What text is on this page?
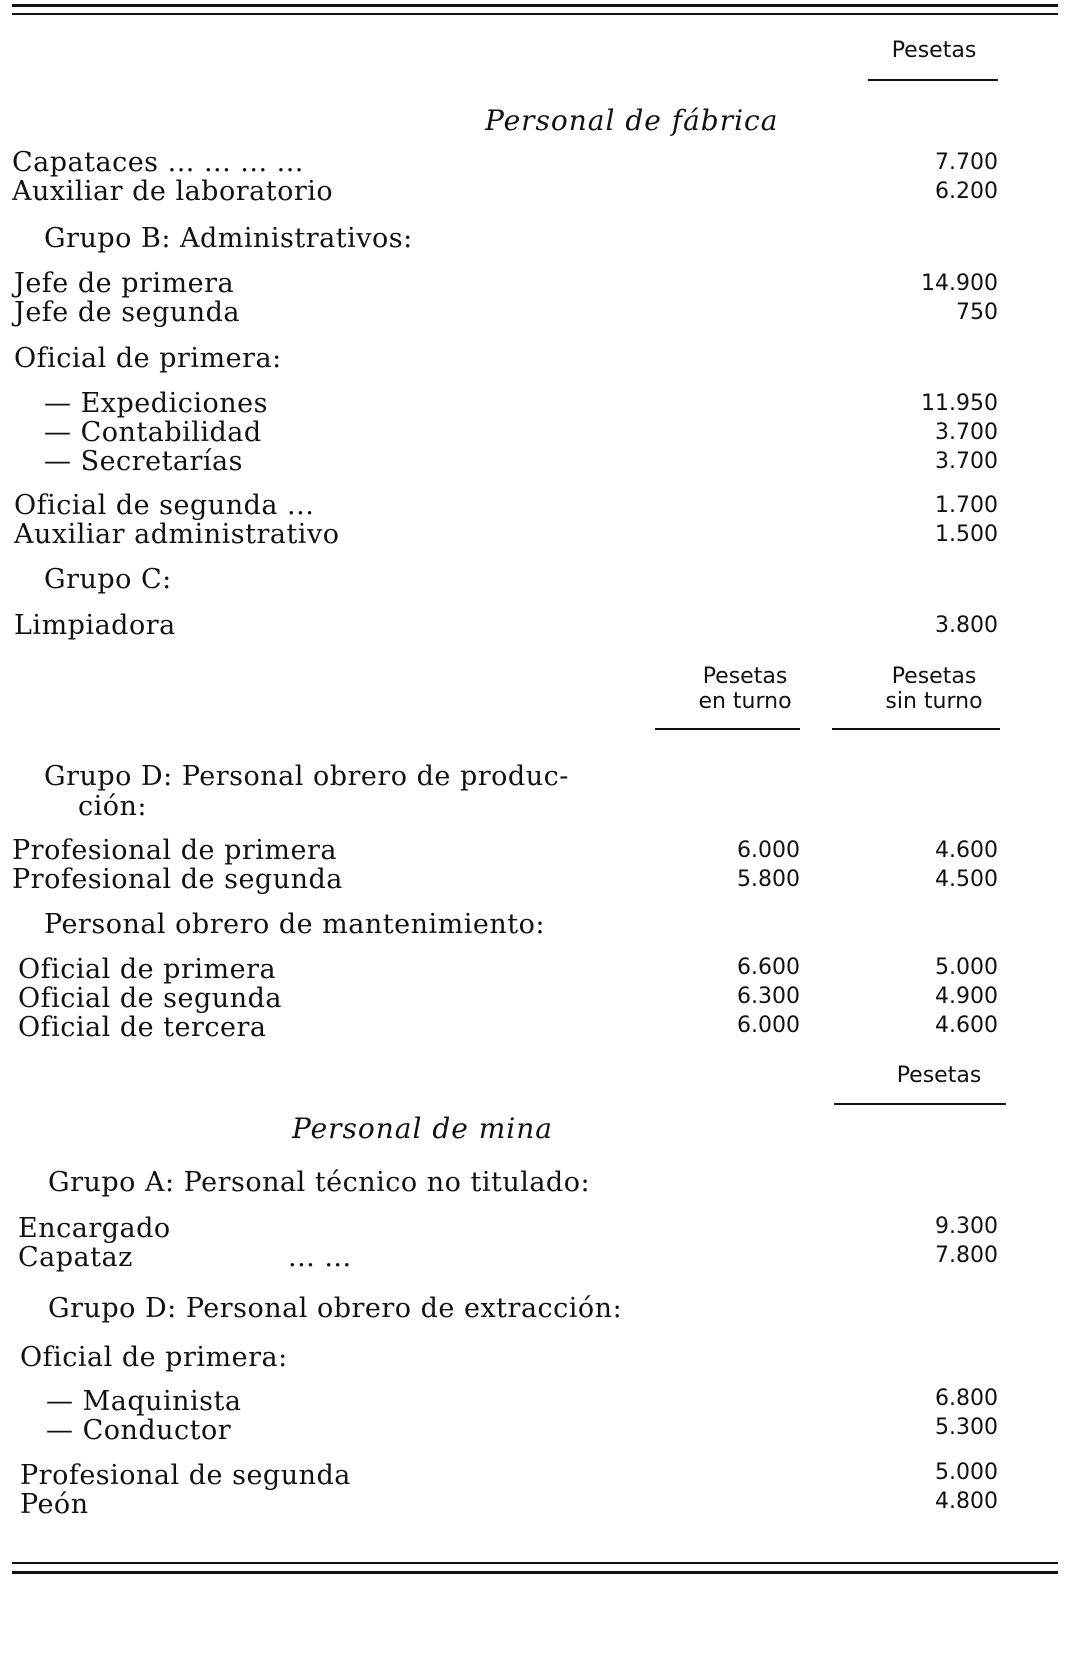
Pesetas
Personal de fábrica
Capataces ... ... ... ...	7.700
Auxiliar de laboratorio	6.200
Grupo B: Administrativos:
Jefe de primera	14.900
Jefe de segunda	750
Oficial de primera:
— Expediciones	11.950
— Contabilidad	3.700
— Secretarías	3.700
Oficial de segunda ...	1.700
Auxiliar administrativo	1.500
Grupo C:
Limpiadora	3.800
Pesetas
en turno
Pesetas
sin turno
Grupo D: Personal obrero de produc-
ción:
Profesional de primera	6.000	4.600
Profesional de segunda	5.800	4.500
Personal obrero de mantenimiento:
Oficial de primera	6.600	5.000
Oficial de segunda	6.300	4.900
Oficial de tercera	6.000	4.600
Pesetas
Personal de mina
Grupo A: Personal técnico no titulado:
Encargado	9.300
Capataz	... ...	7.800
Grupo D: Personal obrero de extracción:
Oficial de primera:
— Maquinista	6.800
— Conductor	5.300
Profesional de segunda	5.000
Peón	4.800
